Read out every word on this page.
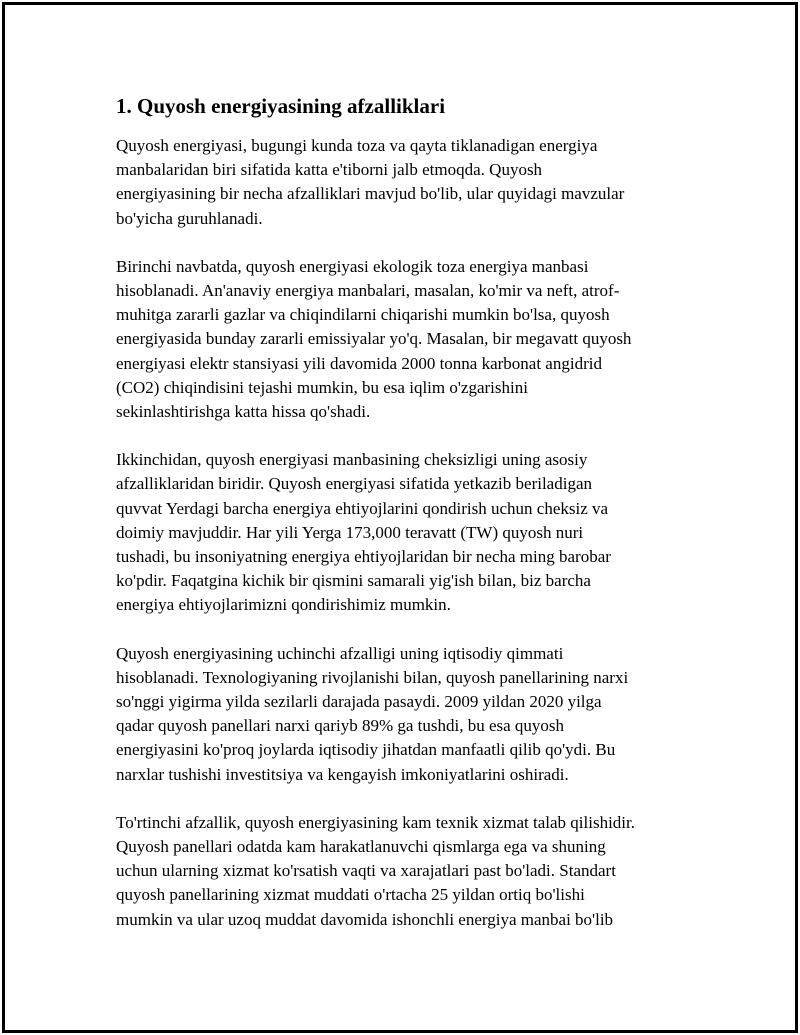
1. Quyosh energiyasining afzalliklari

Quyosh energiyasi, bugungi kunda toza va qayta tiklanadigan energiya
manbalaridan biri sifatida katta e'tiborni jalb etmoqda. Quyosh
energiyasining bir necha afzalliklari mavjud bo'lib, ular quyidagi mavzular
bo'yicha guruhlanadi.

Birinchi navbatda, quyosh energiyasi ekologik toza energiya manbasi
hisoblanadi. An'anaviy energiya manbalari, masalan, ko'mir va neft, atrof-
muhitga zararli gazlar va chiqindilarni chiqarishi mumkin bo'lsa, quyosh
energiyasida bunday zararli emissiyalar yo'q. Masalan, bir megavatt quyosh
energiyasi elektr stansiyasi yili davomida 2000 tonna karbonat angidrid
(CO2) chiqindisini tejashi mumkin, bu esa iqlim o'zgarishini
sekinlashtirishga katta hissa qo'shadi.

Ikkinchidan, quyosh energiyasi manbasining cheksizligi uning asosiy
afzalliklaridan biridir. Quyosh energiyasi sifatida yetkazib beriladigan
quvvat Yerdagi barcha energiya ehtiyojlarini qondirish uchun cheksiz va
doimiy mavjuddir. Har yili Yerga 173,000 teravatt (TW) quyosh nuri
tushadi, bu insoniyatning energiya ehtiyojlaridan bir necha ming barobar
ko'pdir. Faqatgina kichik bir qismini samarali yig'ish bilan, biz barcha
energiya ehtiyojlarimizni qondirishimiz mumkin.

Quyosh energiyasining uchinchi afzalligi uning iqtisodiy qimmati
hisoblanadi. Texnologiyaning rivojlanishi bilan, quyosh panellarining narxi
so'nggi yigirma yilda sezilarli darajada pasaydi. 2009 yildan 2020 yilga
qadar quyosh panellari narxi qariyb 89% ga tushdi, bu esa quyosh
energiyasini ko'proq joylarda iqtisodiy jihatdan manfaatli qilib qo'ydi. Bu
narxlar tushishi investitsiya va kengayish imkoniyatlarini oshiradi.

To'rtinchi afzallik, quyosh energiyasining kam texnik xizmat talab qilishidir.
Quyosh panellari odatda kam harakatlanuvchi qismlarga ega va shuning
uchun ularning xizmat ko'rsatish vaqti va xarajatlari past bo'ladi. Standart
quyosh panellarining xizmat muddati o'rtacha 25 yildan ortiq bo'lishi
mumkin va ular uzoq muddat davomida ishonchli energiya manbai bo'lib
